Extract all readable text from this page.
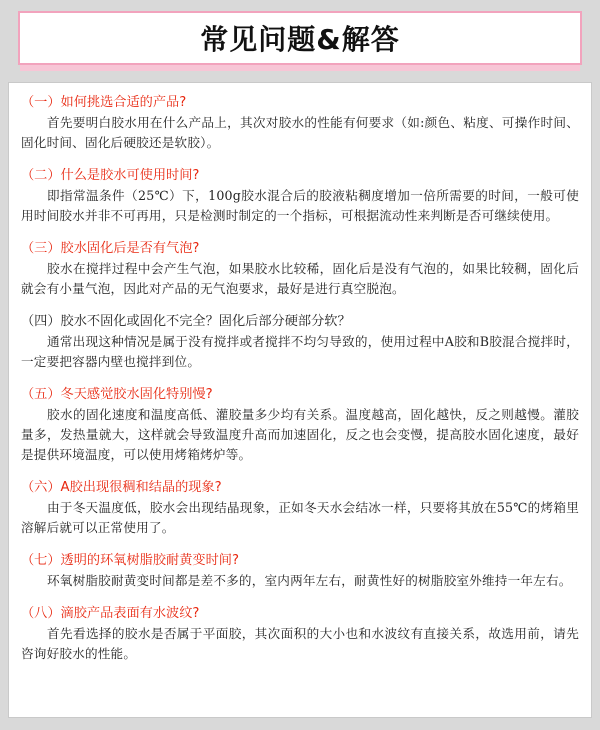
常见问题&解答
（一）如何挑选合适的产品?

首先要明白胶水用在什么产品上，其次对胶水的性能有何要求（如:颜色、粘度、可操作时间、固化时间、固化后硬胶还是软胶）。

（二）什么是胶水可使用时间?

即指常温条件（25℃）下，100g胶水混合后的胶液粘稠度增加一倍所需要的时间，一般可使用时间胶水并非不可再用，只是检测时制定的一个指标，可根据流动性来判断是否可继续使用。

（三）胶水固化后是否有气泡?

胶水在搅拌过程中会产生气泡，如果胶水比较稀，固化后是没有气泡的，如果比较稠，固化后就会有小量气泡，因此对产品的无气泡要求，最好是进行真空脱泡。

（四）胶水不固化或固化不完全？固化后部分硬部分软？

通常出现这种情况是属于没有搅拌或者搅拌不均匀导致的，使用过程中A胶和B胶混合搅拌时，一定要把容器内壁也搅拌到位。

（五）冬天感觉胶水固化特别慢?

胶水的固化速度和温度高低、灌胶量多少均有关系。温度越高，固化越快，反之则越慢。灌胶量多，发热量就大，这样就会导致温度升高而加速固化，反之也会变慢，提高胶水固化速度，最好是提供环境温度，可以使用烤箱烤炉等。

（六）A胶出现很稠和结晶的现象?

由于冬天温度低，胶水会出现结晶现象，正如冬天水会结冰一样，只要将其放在55℃的烤箱里溶解后就可以正常使用了。

（七）透明的环氧树脂胶耐黄变时间?

环氧树脂胶耐黄变时间都是差不多的，室内两年左右，耐黄性好的树脂胶室外维持一年左右。

（八）滴胶产品表面有水波纹?

首先看选择的胶水是否属于平面胶，其次面积的大小也和水波纹有直接关系，故选用前，请先咨询好胶水的性能。
